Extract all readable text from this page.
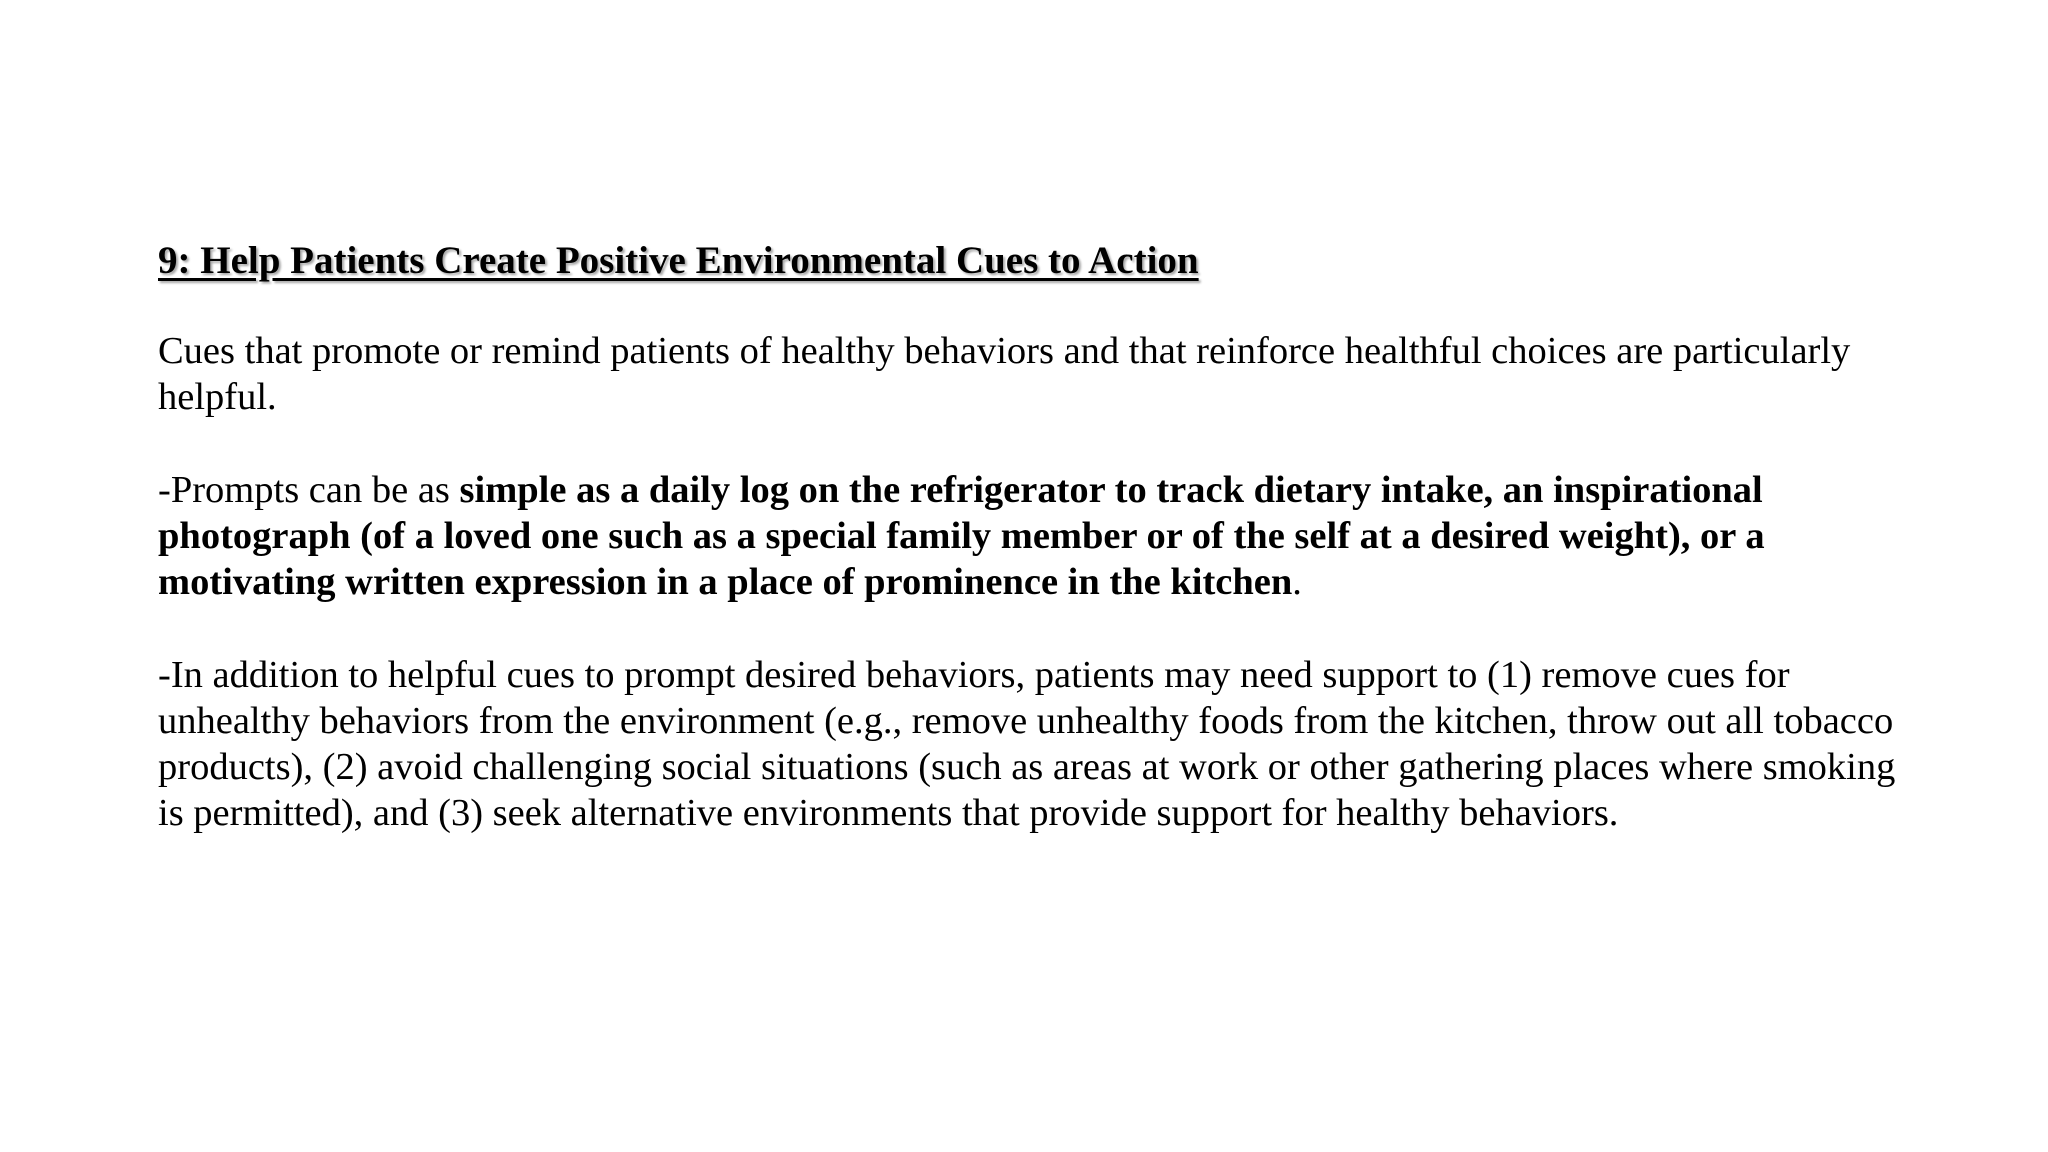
9: Help Patients Create Positive Environmental Cues to Action

Cues that promote or remind patients of healthy behaviors and that reinforce healthful choices are particularly helpful.

-Prompts can be as simple as a daily log on the refrigerator to track dietary intake, an inspirational photograph (of a loved one such as a special family member or of the self at a desired weight), or a motivating written expression in a place of prominence in the kitchen.

-In addition to helpful cues to prompt desired behaviors, patients may need support to (1) remove cues for unhealthy behaviors from the environment (e.g., remove unhealthy foods from the kitchen, throw out all tobacco products), (2) avoid challenging social situations (such as areas at work or other gathering places where smoking is permitted), and (3) seek alternative environments that provide support for healthy behaviors.
